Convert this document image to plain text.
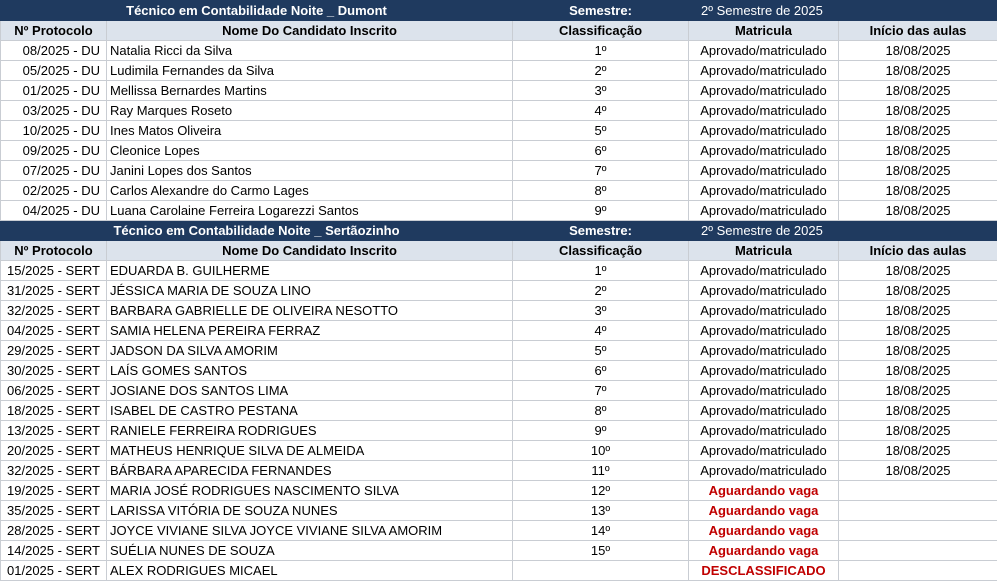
Técnico em Contabilidade Noite _ Dumont		Semestre:	2º Semestre de 2025	
Nº Protocolo	Nome Do Candidato Inscrito	Classificação	Matricula	Início das aulas
08/2025 - DU	Natalia Ricci da Silva	1º	Aprovado/matriculado	18/08/2025
05/2025 - DU	Ludimila Fernandes da Silva	2º	Aprovado/matriculado	18/08/2025
01/2025 - DU	Mellissa Bernardes Martins	3º	Aprovado/matriculado	18/08/2025
03/2025 - DU	Ray Marques Roseto	4º	Aprovado/matriculado	18/08/2025
10/2025 - DU	Ines Matos Oliveira	5º	Aprovado/matriculado	18/08/2025
09/2025 - DU	Cleonice Lopes	6º	Aprovado/matriculado	18/08/2025
07/2025 - DU	Janini Lopes dos Santos	7º	Aprovado/matriculado	18/08/2025
02/2025 - DU	Carlos Alexandre do Carmo Lages	8º	Aprovado/matriculado	18/08/2025
04/2025 - DU	Luana Carolaine Ferreira Logarezzi Santos	9º	Aprovado/matriculado	18/08/2025
Técnico em Contabilidade Noite _ Sertãozinho		Semestre:	2º Semestre de 2025	
Nº Protocolo	Nome Do Candidato Inscrito	Classificação	Matricula	Início das aulas
15/2025 - SERT	EDUARDA B. GUILHERME	1º	Aprovado/matriculado	18/08/2025
31/2025 - SERT	JÉSSICA MARIA DE SOUZA LINO	2º	Aprovado/matriculado	18/08/2025
32/2025 - SERT	BARBARA GABRIELLE DE OLIVEIRA NESOTTO	3º	Aprovado/matriculado	18/08/2025
04/2025 - SERT	SAMIA HELENA PEREIRA FERRAZ	4º	Aprovado/matriculado	18/08/2025
29/2025 - SERT	JADSON DA SILVA AMORIM	5º	Aprovado/matriculado	18/08/2025
30/2025 - SERT	LAÍS GOMES SANTOS	6º	Aprovado/matriculado	18/08/2025
06/2025 - SERT	JOSIANE DOS SANTOS LIMA	7º	Aprovado/matriculado	18/08/2025
18/2025 - SERT	ISABEL DE CASTRO PESTANA	8º	Aprovado/matriculado	18/08/2025
13/2025 - SERT	RANIELE FERREIRA RODRIGUES	9º	Aprovado/matriculado	18/08/2025
20/2025 - SERT	MATHEUS HENRIQUE SILVA DE ALMEIDA	10º	Aprovado/matriculado	18/08/2025
32/2025 - SERT	BÁRBARA APARECIDA FERNANDES	11º	Aprovado/matriculado	18/08/2025
19/2025 - SERT	MARIA JOSÉ RODRIGUES NASCIMENTO SILVA	12º	Aguardando vaga	
35/2025 - SERT	LARISSA VITÓRIA DE SOUZA NUNES	13º	Aguardando vaga	
28/2025 - SERT	JOYCE VIVIANE SILVA JOYCE VIVIANE SILVA AMORIM	14º	Aguardando vaga	
14/2025 - SERT	SUÉLIA NUNES DE SOUZA	15º	Aguardando vaga	
01/2025 - SERT	ALEX RODRIGUES MICAEL		DESCLASSIFICADO	
